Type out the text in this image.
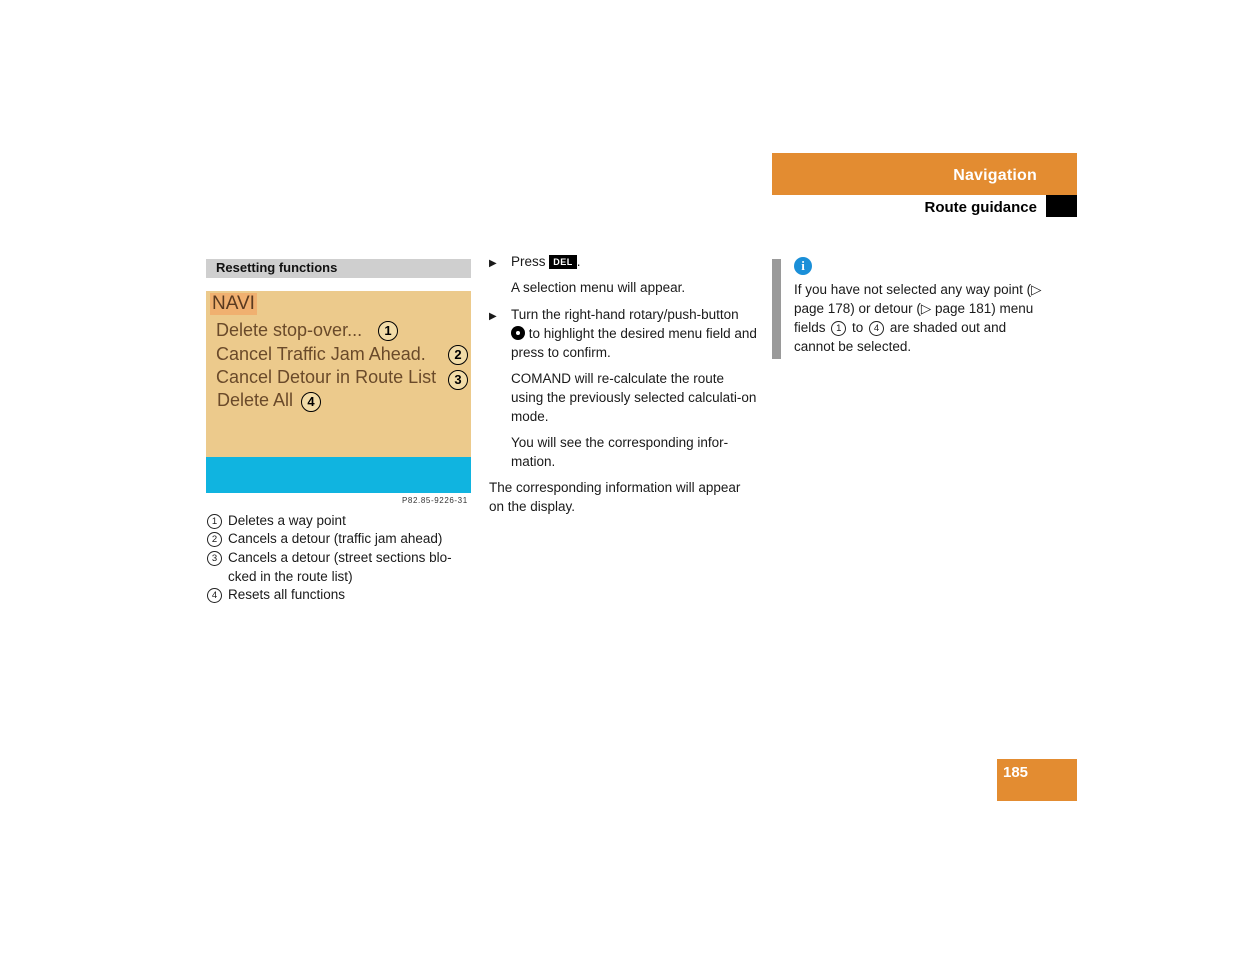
Navigation
Route guidance
Resetting functions
NAVI
Delete stop-over...
Cancel Traffic Jam Ahead.
Cancel Detour in Route List
Delete All
1
2
3
4
P82.85-9226-31
1 Deletes a way point
2 Cancels a detour (traffic jam ahead)
3 Cancels a detour (street sections blo-cked in the route list)
4 Resets all functions
▶ Press DEL .
A selection menu will appear.
▶ Turn the right-hand rotary/push-button
to highlight the desired menu field and press to confirm.
COMAND will re-calculate the route using the previously selected calculati-on mode.
You will see the corresponding infor-mation.
The corresponding information will appear on the display.
i
If you have not selected any way point (▷ page 178) or detour (▷ page 181) menu fields 1 to 4 are shaded out and cannot be selected.
185
